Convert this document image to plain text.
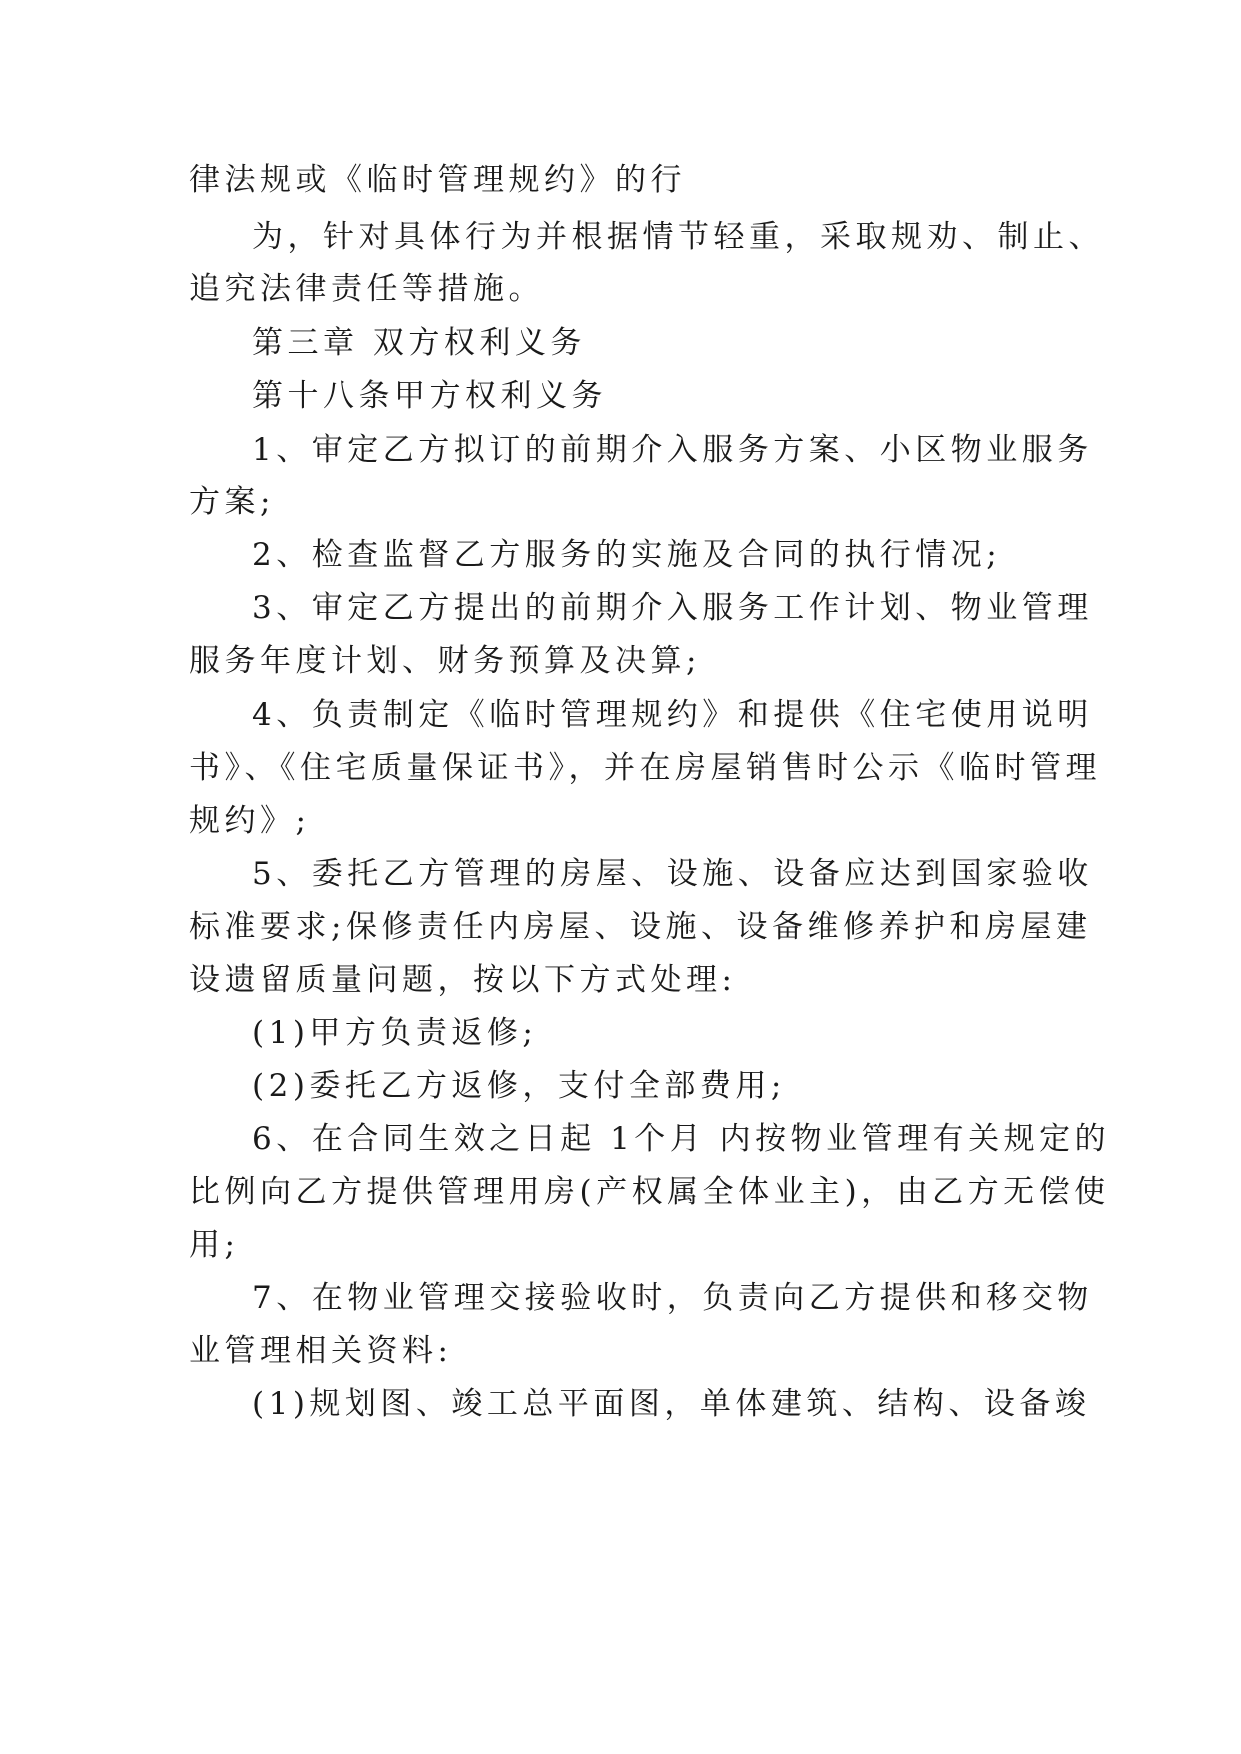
律法规或《临时管理规约》的行
为，针对具体行为并根据情节轻重，采取规劝、制止、
追究法律责任等措施。
第三章 双方权利义务
第十八条甲方权利义务
1、审定乙方拟订的前期介入服务方案、小区物业服务
方案;
2、检查监督乙方服务的实施及合同的执行情况;
3、审定乙方提出的前期介入服务工作计划、物业管理
服务年度计划、财务预算及决算;
4、负责制定《临时管理规约》和提供《住宅使用说明
书》、《住宅质量保证书》，并在房屋销售时公示《临时管理
规约》;
5、委托乙方管理的房屋、设施、设备应达到国家验收
标准要求;保修责任内房屋、设施、设备维修养护和房屋建
设遗留质量问题，按以下方式处理:
(1)甲方负责返修;
(2)委托乙方返修，支付全部费用;
6、在合同生效之日起 1个月 内按物业管理有关规定的
比例向乙方提供管理用房(产权属全体业主)，由乙方无偿使
用;
7、在物业管理交接验收时，负责向乙方提供和移交物
业管理相关资料:
(1)规划图、竣工总平面图，单体建筑、结构、设备竣
